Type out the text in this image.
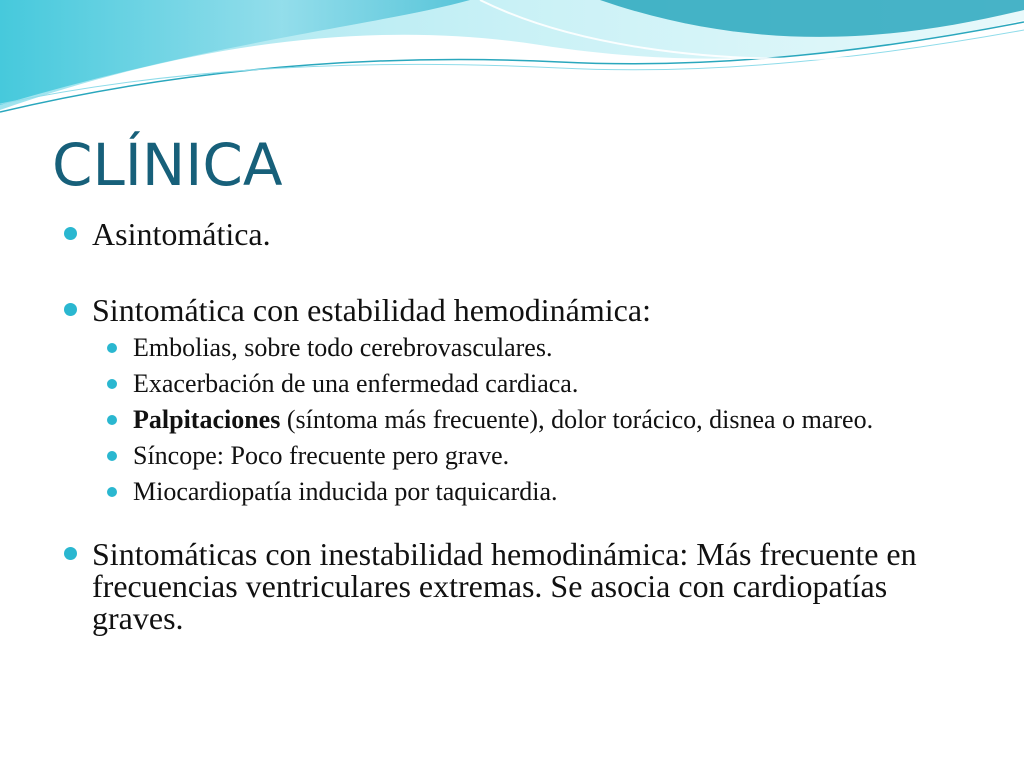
CLÍNICA
Asintomática.
Sintomática con estabilidad hemodinámica:
Embolias, sobre todo cerebrovasculares.
Exacerbación de una enfermedad cardiaca.
Palpitaciones (síntoma más frecuente), dolor torácico, disnea o mareo.
Síncope: Poco frecuente pero grave.
Miocardiopatía inducida por taquicardia.
Sintomáticas con inestabilidad hemodinámica: Más frecuente en frecuencias ventriculares extremas. Se asocia con cardiopatías graves.
